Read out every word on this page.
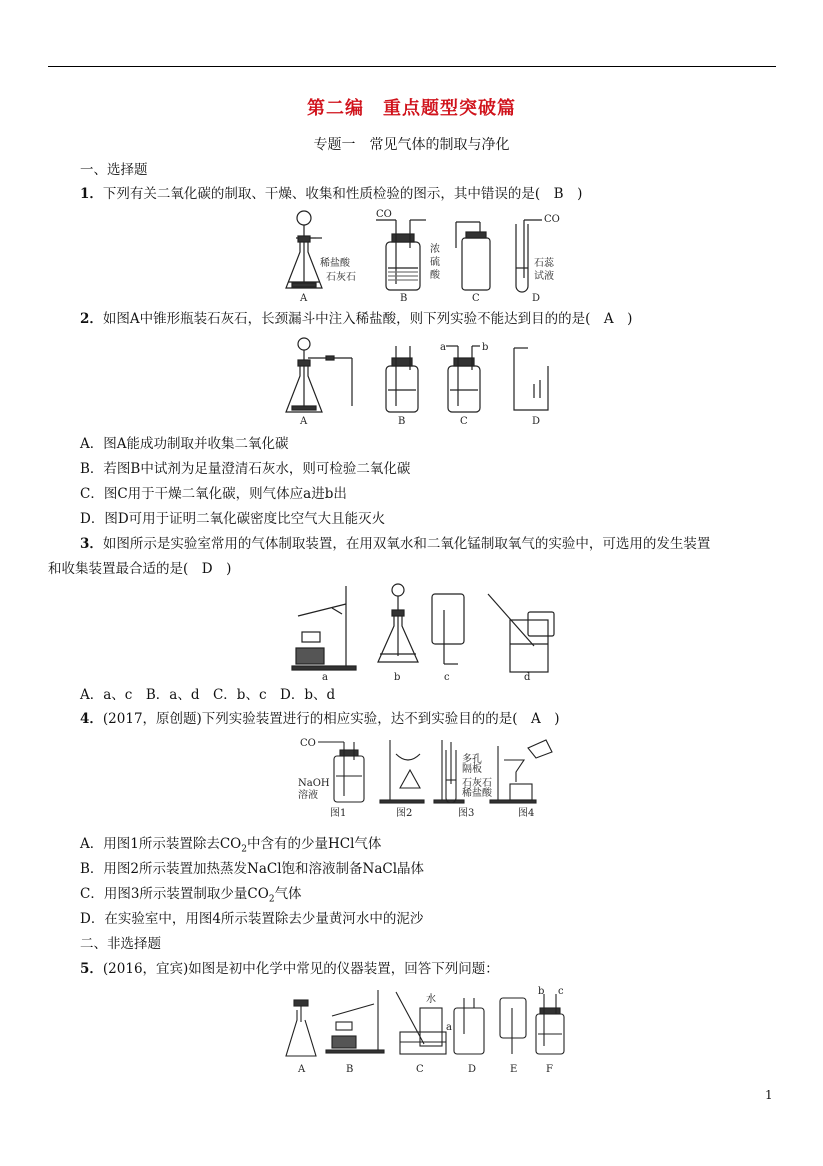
第二编　重点题型突破篇
专题一　常见气体的制取与净化
一、选择题
1．下列有关二氧化碳的制取、干燥、收集和性质检验的图示，其中错误的是(　B　)
稀盐酸
石灰石
CO
浓
硫
酸
CO
石蕊
试液
A	B	C	D
2．如图A中锥形瓶装石灰石，长颈漏斗中注入稀盐酸，则下列实验不能达到目的的是(　A　)
a	b
A	B	C	D
A．图A能成功制取并收集二氧化碳
B．若图B中试剂为足量澄清石灰水，则可检验二氧化碳
C．图C用于干燥二氧化碳，则气体应a进b出
D．图D可用于证明二氧化碳密度比空气大且能灭火
3．如图所示是实验室常用的气体制取装置，在用双氧水和二氧化锰制取氧气的实验中，可选用的发生装置
和收集装置最合适的是(　D　)
a	b	c	d
A．a、c　B．a、d　C．b、c　D．b、d
4．(2017，原创题)下列实验装置进行的相应实验，达不到实验目的的是(　A　)
CO
NaOH
溶液
多孔
隔板
石灰石
稀盐酸
图1	图2	图3	图4
A．用图1所示装置除去$CO_2$中含有的少量HCl气体
B．用图2所示装置加热蒸发NaCl饱和溶液制备NaCl晶体
C．用图3所示装置制取少量$CO_2$气体
D．在实验室中，用图4所示装置除去少量黄河水中的泥沙
二、非选择题
5．(2016，宜宾)如图是初中化学中常见的仪器装置，回答下列问题：
水
a
b c
A	B	C	D	E	F
1
